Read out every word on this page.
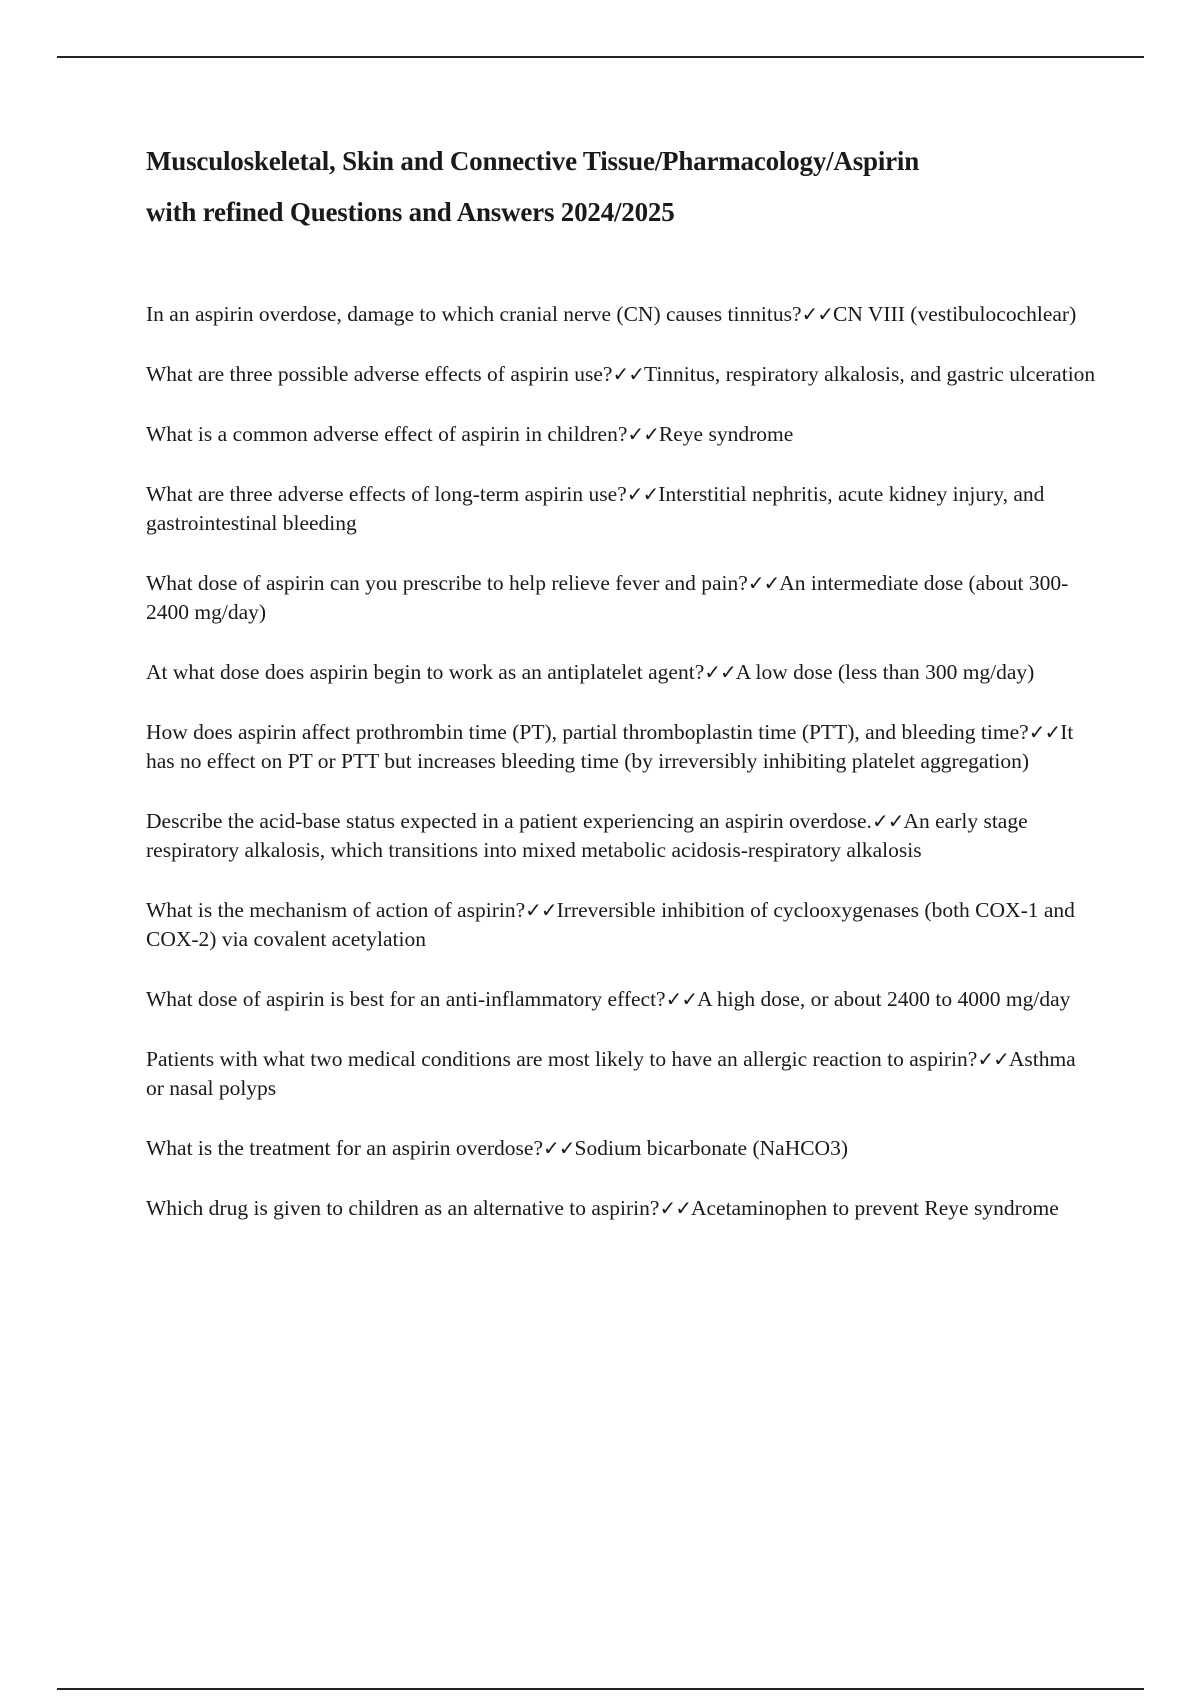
Musculoskeletal, Skin and Connective Tissue/Pharmacology/Aspirin
with refined Questions and Answers 2024/2025

In an aspirin overdose, damage to which cranial nerve (CN) causes tinnitus?✓✓CN VIII (vestibulocochlear)

What are three possible adverse effects of aspirin use?✓✓Tinnitus, respiratory alkalosis, and gastric ulceration

What is a common adverse effect of aspirin in children?✓✓Reye syndrome

What are three adverse effects of long-term aspirin use?✓✓Interstitial nephritis, acute kidney injury, and gastrointestinal bleeding

What dose of aspirin can you prescribe to help relieve fever and pain?✓✓An intermediate dose (about 300-2400 mg/day)

At what dose does aspirin begin to work as an antiplatelet agent?✓✓A low dose (less than 300 mg/day)

How does aspirin affect prothrombin time (PT), partial thromboplastin time (PTT), and bleeding time?✓✓It has no effect on PT or PTT but increases bleeding time (by irreversibly inhibiting platelet aggregation)

Describe the acid-base status expected in a patient experiencing an aspirin overdose.✓✓An early stage respiratory alkalosis, which transitions into mixed metabolic acidosis-respiratory alkalosis

What is the mechanism of action of aspirin?✓✓Irreversible inhibition of cyclooxygenases (both COX-1 and COX-2) via covalent acetylation

What dose of aspirin is best for an anti-inflammatory effect?✓✓A high dose, or about 2400 to 4000 mg/day

Patients with what two medical conditions are most likely to have an allergic reaction to aspirin?✓✓Asthma or nasal polyps

What is the treatment for an aspirin overdose?✓✓Sodium bicarbonate (NaHCO3)

Which drug is given to children as an alternative to aspirin?✓✓Acetaminophen to prevent Reye syndrome
